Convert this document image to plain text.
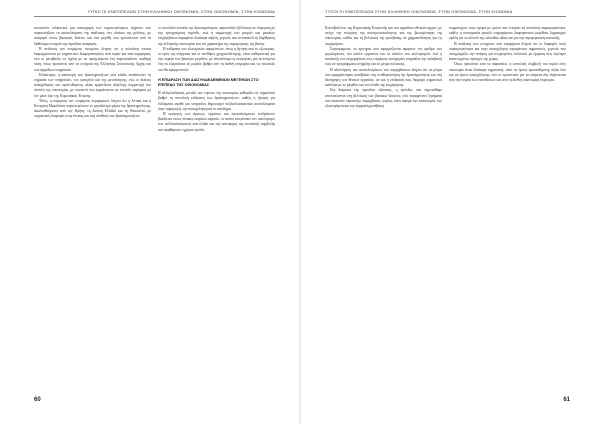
ΤΥΠΟΙ ΠΙ ΕΝΕΠΙΠΕΔΩΝ ΣΤΗΝ ΕΛΛΗΝΙΚΗ ΟΙΚΟΝΟΜΙΑ, ΣΤΗΝ ΟΙΚΟΝΟΜΙΑ, ΣΤΗΝ ΚΟΙΝΩΝΙΑ

αποτελούν ενδεικτικά μια καταγραφή των σημαντικότερων σημείων που παρουσιάζουν τα αποτελέσματα της ανάλυσης στο πλαίσιο της μελέτης, με αναφορά στους βασικούς δείκτες και στα μεγέθη που προκύπτουν από τα διαθέσιμα στοιχεία της περιόδου αναφοράς.

Η ανάλυση των επιμέρους στοιχείων δείχνει ότι η συνολική εικόνα διαμορφώνεται με σημαντικές διαφοροποιήσεις ανά τομέα και ανά περιφέρεια, ενώ οι μεταβολές σε σχέση με τα προηγούμενα έτη παρουσιάζουν σταθερή τάση, όπως προκύπτει από τα στοιχεία της Ελληνικής Στατιστικής Αρχής και των αρμόδιων υπηρεσιών.

Ειδικότερα, η κατανομή των δραστηριοτήτων ανά κλάδο αναδεικνύει τη σημασία των υπηρεσιών, του εμπορίου και της μεταποίησης, ενώ οι δείκτες απασχόλησης και προστιθέμενης αξίας εμφανίζουν αξιόλογη συμμετοχή στο σύνολο της οικονομίας, με ποσοστά που κυμαίνονται σε επίπεδα παρόμοια με τον μέσο όρο της Ευρωπαϊκής Ένωσης.

Τέλος, η σύγκριση των επιμέρους περιφερειών δείχνει ότι η Αττική και η Κεντρική Μακεδονία συγκεντρώνουν το μεγαλύτερο μέρος της δραστηριότητας, ακολουθούμενες από την Κρήτη, τη Δυτική Ελλάδα και τη Θεσσαλία, με σημαντικές διαφορές στην ένταση και στη σύνθεση των δραστηριοτήτων.

το συνολικό επίπεδο της δραστηριότητας παρουσιάζει βελτίωση σε σύγκριση με την προηγούμενη περίοδο, ενώ η συμμετοχή των μικρών και μεσαίων επιχειρήσεων παραμένει ιδιαίτερα υψηλή, γεγονός που αντανακλά τη διάρθρωση της ελληνικής οικονομίας και τον χαρακτήρα της παραγωγικής της βάσης.

Η επίδραση των εξωτερικών παραγόντων, όπως η ζήτηση από το εξωτερικό, οι τιμές της ενέργειας και οι συνθήκες χρηματοδότησης, είναι καθοριστική για την πορεία των βασικών μεγεθών, με αποτέλεσμα οι εκτιμήσεις για τα επόμενα έτη να εξαρτώνται σε μεγάλο βαθμό από τη διεθνή συγκυρία και τις πολιτικές που θα εφαρμοστούν.

Η ΕΠΙΔΡΑΣΗ ΤΩΝ ΔΙΑΣΥΝΔΕΔΕΜΕΝΩΝ ΜΕΓΕΘΩΝ ΣΤΟ ΕΠΙΠΕΔΟ ΤΗΣ ΟΙΚΟΝΟΜΙΑΣ

Η αλληλεπίδραση μεταξύ των τομέων της οικονομίας καθορίζει σε σημαντικό βαθμό τη συνολική επίδραση των δραστηριοτήτων, καθώς η ζήτηση για ενδιάμεσα αγαθά και υπηρεσίες δημιουργεί πολλαπλασιαστικά αποτελέσματα στην παραγωγή, την απασχόληση και το εισόδημα.

Η εκτίμηση των άμεσων, έμμεσων και προκαλούμενων επιδράσεων βασίζεται στους πίνακες εισροών–εκροών, οι οποίοι επιτρέπουν τον υπολογισμό των πολλαπλασιαστών ανά κλάδο και την αποτίμηση της συνολικής συμβολής στο ακαθάριστο εγχώριο προϊόν.

60
ΤΥΠΟΙ ΠΙ ΕΝΕΠΙΠΕΔΩΝ ΣΤΗΝ ΕΛΛΗΝΙΚΗ ΟΙΚΟΝΟΜΙΑ, ΣΤΗΝ ΟΙΚΟΝΟΜΙΑ, ΣΤΗΝ ΚΟΙΝΩΝΙΑ

Κοινοβουλίου, της Ευρωπαϊκής Επιτροπής και των αρμόδιων εθνικών αρχών, με στόχο την ενίσχυση της ανταγωνιστικότητας και της βιωσιμότητας της οικονομίας, καθώς και τη βελτίωση της πρόσβασης σε χρηματοδότηση για τις επιχειρήσεις.

Συγκεκριμένα, τα κριτήρια που εφαρμόζονται αφορούν τον αριθμό των εργαζομένων, τον κύκλο εργασιών και το σύνολο του ισολογισμού, ενώ η κατάταξη των επιχειρήσεων στις επιμέρους κατηγορίες επηρεάζει την πρόσβασή τους σε προγράμματα στήριξης και σε μέτρα πολιτικής.

Η αξιολόγηση των αποτελεσμάτων των παρεμβάσεων δείχνει ότι τα μέτρα που εφαρμόστηκαν συνέβαλαν στη σταθεροποίηση της δραστηριότητας και στη διατήρηση των θέσεων εργασίας, αν και η επίδρασή τους διαφέρει σημαντικά ανάλογα με το μέγεθος και τον κλάδο της επιχείρησης.

Στη διάρκεια της περιόδου εξέτασης, η πρόοδος που σημειώθηκε αποτυπώνεται στη βελτίωση των βασικών δεικτών, ενώ παραμένουν ζητήματα που απαιτούν περαιτέρω παρεμβάσεις, κυρίως όσον αφορά την καινοτομία, την εξωστρέφεια και την ψηφιακή μετάβαση.

συμμετέχουν στην αγορά με τρόπο που ενισχύει τη συνολική παραγωγικότητα, καθώς η συνεργασία μεταξύ επιχειρήσεων διαφορετικού μεγέθους δημιουργεί οφέλη για το σύνολο της αλυσίδας αξίας και για την περιφερειακή ανάπτυξη.

Η ανάλυση των στοιχείων ανά περιφέρεια δείχνει ότι οι διαφορές στην παραγωγικότητα και στην απασχόληση παραμένουν σημαντικές, γεγονός που υπογραμμίζει την ανάγκη για στοχευμένες πολιτικές με έμφαση στις λιγότερο αναπτυγμένες περιοχές της χώρας.

Όπως προκύπτει από τα παραπάνω, η συνολική συμβολή του τομέα στην οικονομία είναι ιδιαίτερα σημαντική, τόσο σε όρους προστιθέμενης αξίας όσο και σε όρους απασχόλησης, ενώ οι προοπτικές για τα επόμενα έτη εξαρτώνται από την πορεία των επενδύσεων και από τη διεθνή οικονομική συγκυρία.

61
